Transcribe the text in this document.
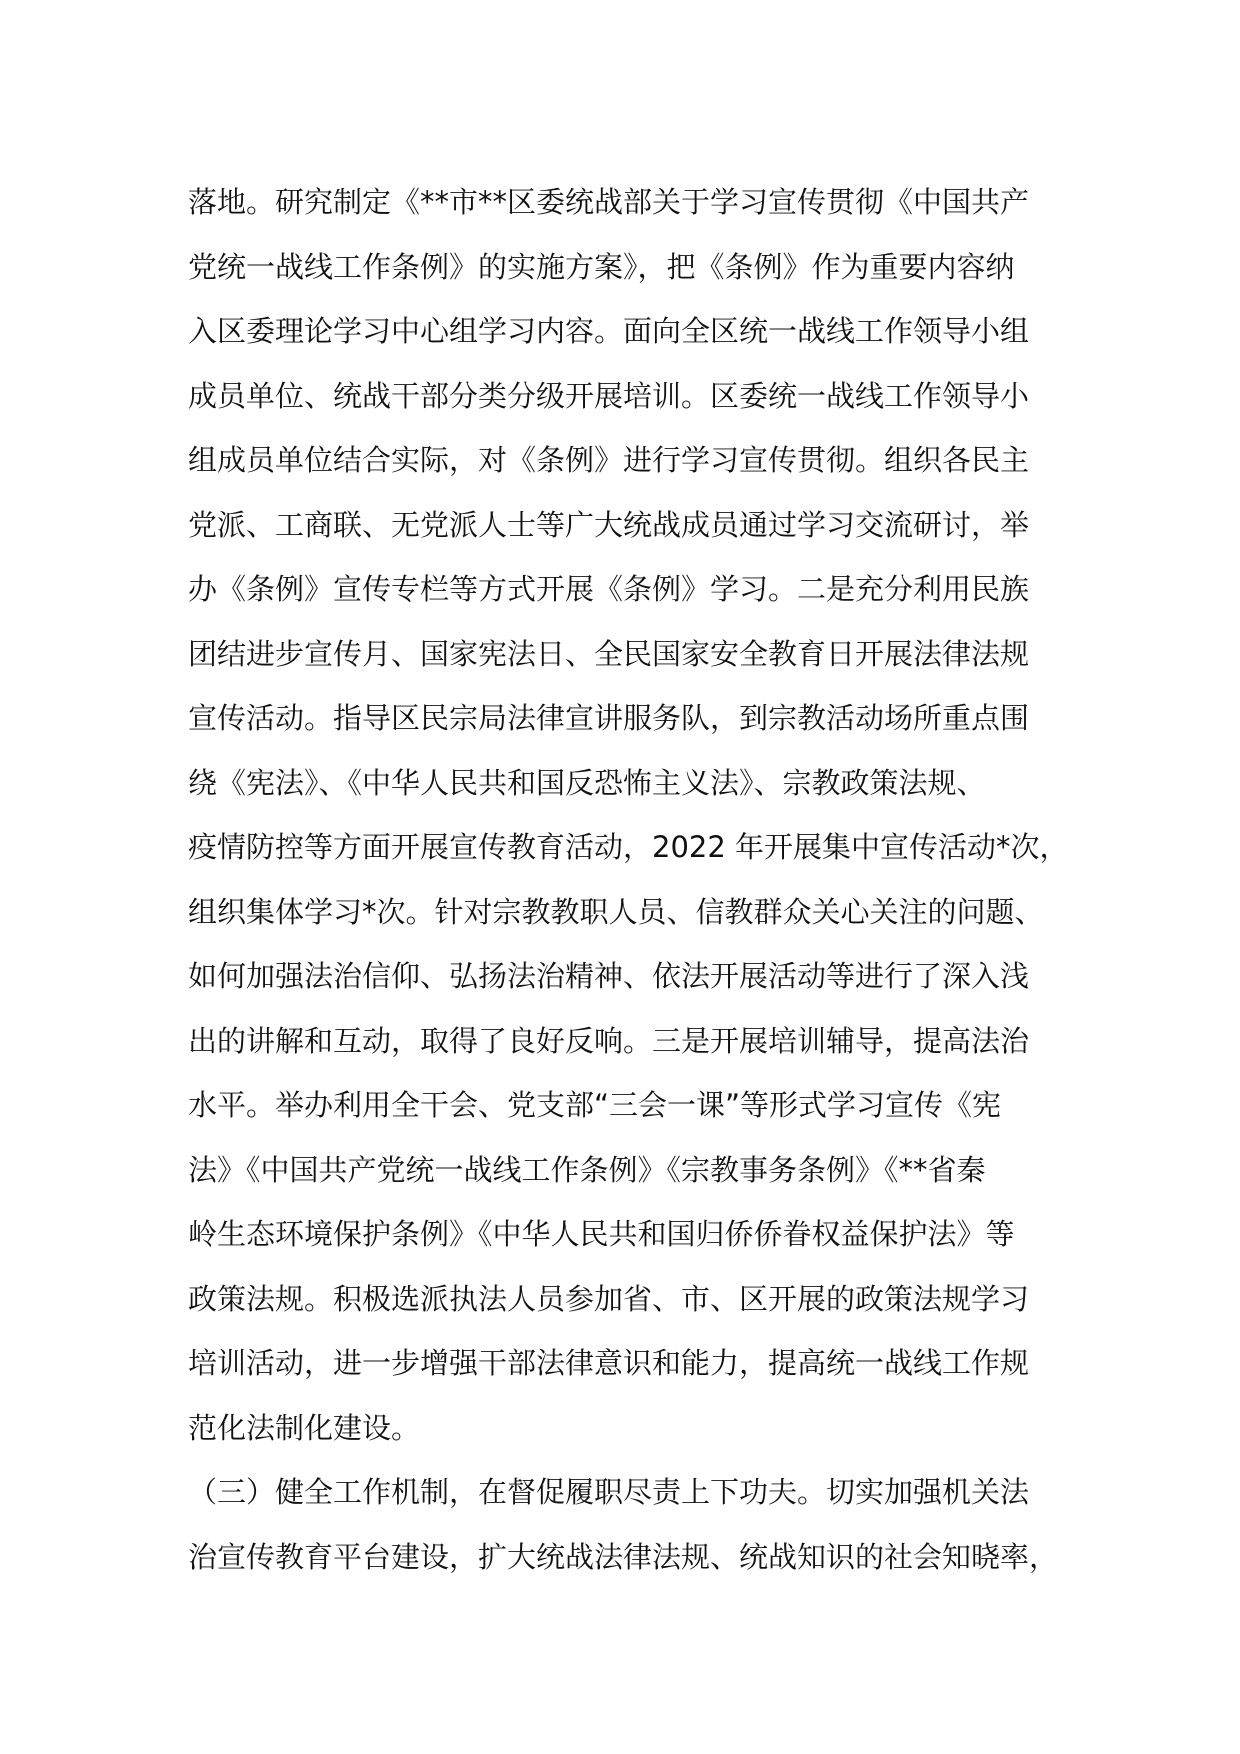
落地。研究制定《**市**区委统战部关于学习宣传贯彻《中国共产
党统一战线工作条例》的实施方案》，把《条例》作为重要内容纳
入区委理论学习中心组学习内容。面向全区统一战线工作领导小组
成员单位、统战干部分类分级开展培训。区委统一战线工作领导小
组成员单位结合实际，对《条例》进行学习宣传贯彻。组织各民主
党派、工商联、无党派人士等广大统战成员通过学习交流研讨，举
办《条例》宣传专栏等方式开展《条例》学习。二是充分利用民族
团结进步宣传月、国家宪法日、全民国家安全教育日开展法律法规
宣传活动。指导区民宗局法律宣讲服务队，到宗教活动场所重点围
绕《宪法》、《中华人民共和国反恐怖主义法》、宗教政策法规、
疫情防控等方面开展宣传教育活动，2022 年开展集中宣传活动*次，
组织集体学习*次。针对宗教教职人员、信教群众关心关注的问题、
如何加强法治信仰、弘扬法治精神、依法开展活动等进行了深入浅
出的讲解和互动，取得了良好反响。三是开展培训辅导，提高法治
水平。举办利用全干会、党支部“三会一课”等形式学习宣传《宪
法》《中国共产党统一战线工作条例》《宗教事务条例》《**省秦
岭生态环境保护条例》《中华人民共和国归侨侨眷权益保护法》等
政策法规。积极选派执法人员参加省、市、区开展的政策法规学习
培训活动，进一步增强干部法律意识和能力，提高统一战线工作规
范化法制化建设。
（三）健全工作机制，在督促履职尽责上下功夫。切实加强机关法
治宣传教育平台建设，扩大统战法律法规、统战知识的社会知晓率，
